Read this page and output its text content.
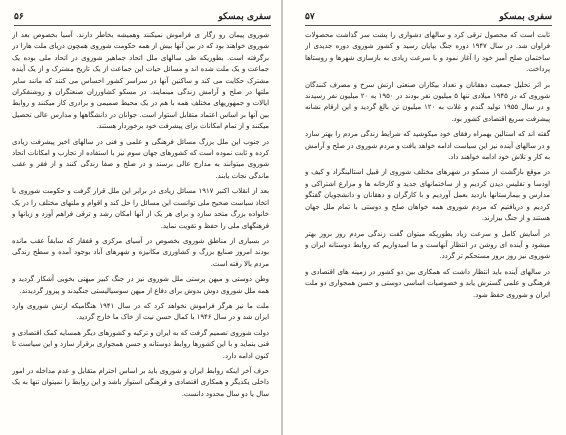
۵۶	سفری بمسکو

شوروی پیمان رو زگار ی فراموش نمیکنند وهمیشه بخاطر دارند. آسیا بخصوص بعد از شوروی خواهند بود که در بین آنها بیش از همه حکومت شوروی همچون دریای ملت هارا در برگرفته است. بطوریکه طی سالهای ملل اتحاد جماهیر شوروی در اتحاد ملی بوده یک جماعت و یک ملت شده اند و مسائل حیات این جماعت از یک تاریخ مشترک و از یک آینده مشترک حکایت می کند و ساکنین آنها در سراسر کشور احساس می کنند که مانند سایر ملتها در صلح و آرامش زندگی مینمایند. در مسکو کشاورزان صنعتگران و روشنفکران ایالات و جمهوریهای مختلف همه با هم در یک محیط صمیمی و برادری کار میکنند و روابط بین آنها بر اساس اعتماد متقابل استوار است. جوانان در دانشگاهها و مدارس عالی تحصیل میکنند و از تمام امکانات برای پیشرفت خود برخوردار هستند.

در جنوب این ملل بزرگ مسائل فرهنگی و علمی و فنی در سالهای اخیر پیشرفت زیادی کرده و ثابت نموده است که کشورهای جهان سوم نیز با استفاده از تجارب و امکانات اتحاد شوروی میتوانند به مدارج عالی برسند و در صلح و صفا زندگی کنند و از فقر و عقب ماندگی نجات یابند.

بعد از انقلاب اکتبر ۱۹۱۷ مسائل زیادی در برابر این ملل قرار گرفت و حکومت شوروی با اتخاذ سیاست صحیح ملی توانست این مسائل را حل کند و اقوام و ملتهای مختلف را در یک خانواده بزرگ متحد سازد و برای هر یک از آنها امکان رشد و ترقی فراهم آورد و زبانها و فرهنگهای ملی را حفظ و تقویت نماید.

در بسیاری از مناطق شوروی بخصوص در آسیای مرکزی و قفقاز که سابقاً عقب مانده بودند امروز صنایع بزرگ و کشاورزی مکانیزه و شهرهای آباد بوجود آمده و سطح زندگی مردم بالا رفته است.

وطن دوستی و میهن پرستی ملل شوروی نیز در جنگ کبیر میهنی بخوبی آشکار گردید و همه ملل شوروی دوش بدوش برای دفاع از میهن سوسیالیستی جنگیدند و پیروز گردیدند.

ملت ما نیز هرگز فراموش نخواهد کرد که در سال ۱۹۴۱ هنگامیکه ارتش شوروی وارد ایران شد و در سال ۱۹۴۶ با کمال حسن نیت از خاک ما خارج گردید.

دولت شوروی تصمیم گرفت که به ایران و ترکیه و کشورهای دیگر همسایه کمک اقتصادی و فنی بنماید و با این کشورها روابط دوستانه و حسن همجواری برقرار سازد و این سیاست تا کنون ادامه دارد.

حرف آخر اینکه روابط ایران و شوروی باید بر اساس احترام متقابل و عدم مداخله در امور داخلی یکدیگر و همکاری اقتصادی و فرهنگی استوار باشد و این روابط را نمیتوان تنها به یک سال یا دو سال محدود دانست.

۵۷	سفری بمسکو

ثابت است که محصول ترقی کرد و سالهای دشواری را پشت سر گذاشت محصولات فراوان شد. در سال ۱۹۴۷ دوره جنگ بپایان رسید و کشور شوروی دوره جدیدی از ساختمان صلح آمیز خود را آغاز نمود و با سرعت زیادی به بازسازی شهرها و روستاها پرداخت.

بر اثر تحلیل جمعیت دهقانان و تعداد بیکاران صنعتی ارتش سرخ و مصرف کنندگان شوروی که در ۱۹۴۵ میلادی تنها ۵ میلیون نفر بودند در ۱۹۵۰ به ۲۰ میلیون نفر رسیدند و در سال ۱۹۵۵ تولید گندم و غلات به ۱۲۰ میلیون تن بالغ گردید و این ارقام نشانه پیشرفت سریع اقتصادی کشور بود.

گفته اند که استالین بهمراه رفقای خود میکوشید که شرایط زندگی مردم را بهتر سازد و در سالهای آینده نیز این سیاست ادامه خواهد یافت و مردم شوروی در صلح و آرامش به کار و تلاش خود ادامه خواهند داد.

در موقع بازگشت از مسکو در شهرهای مختلف شوروی از قبیل استالینگراد و کیف و اودسا و تفلیس دیدن کردیم و از ساختمانهای جدید و کارخانه ها و مزارع اشتراکی و مدارس و بیمارستانها بازدید بعمل آوردیم و با کارگران و دهقانان و دانشجویان گفتگو کردیم و دریافتیم که مردم شوروی همه خواهان صلح و دوستی با تمام ملل جهان هستند و از جنگ بیزارند.

در آسایش کامل و سرعت زیاد بطوریکه میتوان گفت زندگی مردم روز بروز بهتر میشود و آینده ای روشن در انتظار آنهاست و ما امیدواریم که روابط دوستانه ایران و شوروی نیز روز بروز مستحکم تر گردد.

در سالهای آینده باید انتظار داشت که همکاری بین دو کشور در زمینه های اقتصادی و فرهنگی و علمی گسترش یابد و خصوصیات اساسی دوستی و حسن همجواری دو ملت ایران و شوروی حفظ شود.
